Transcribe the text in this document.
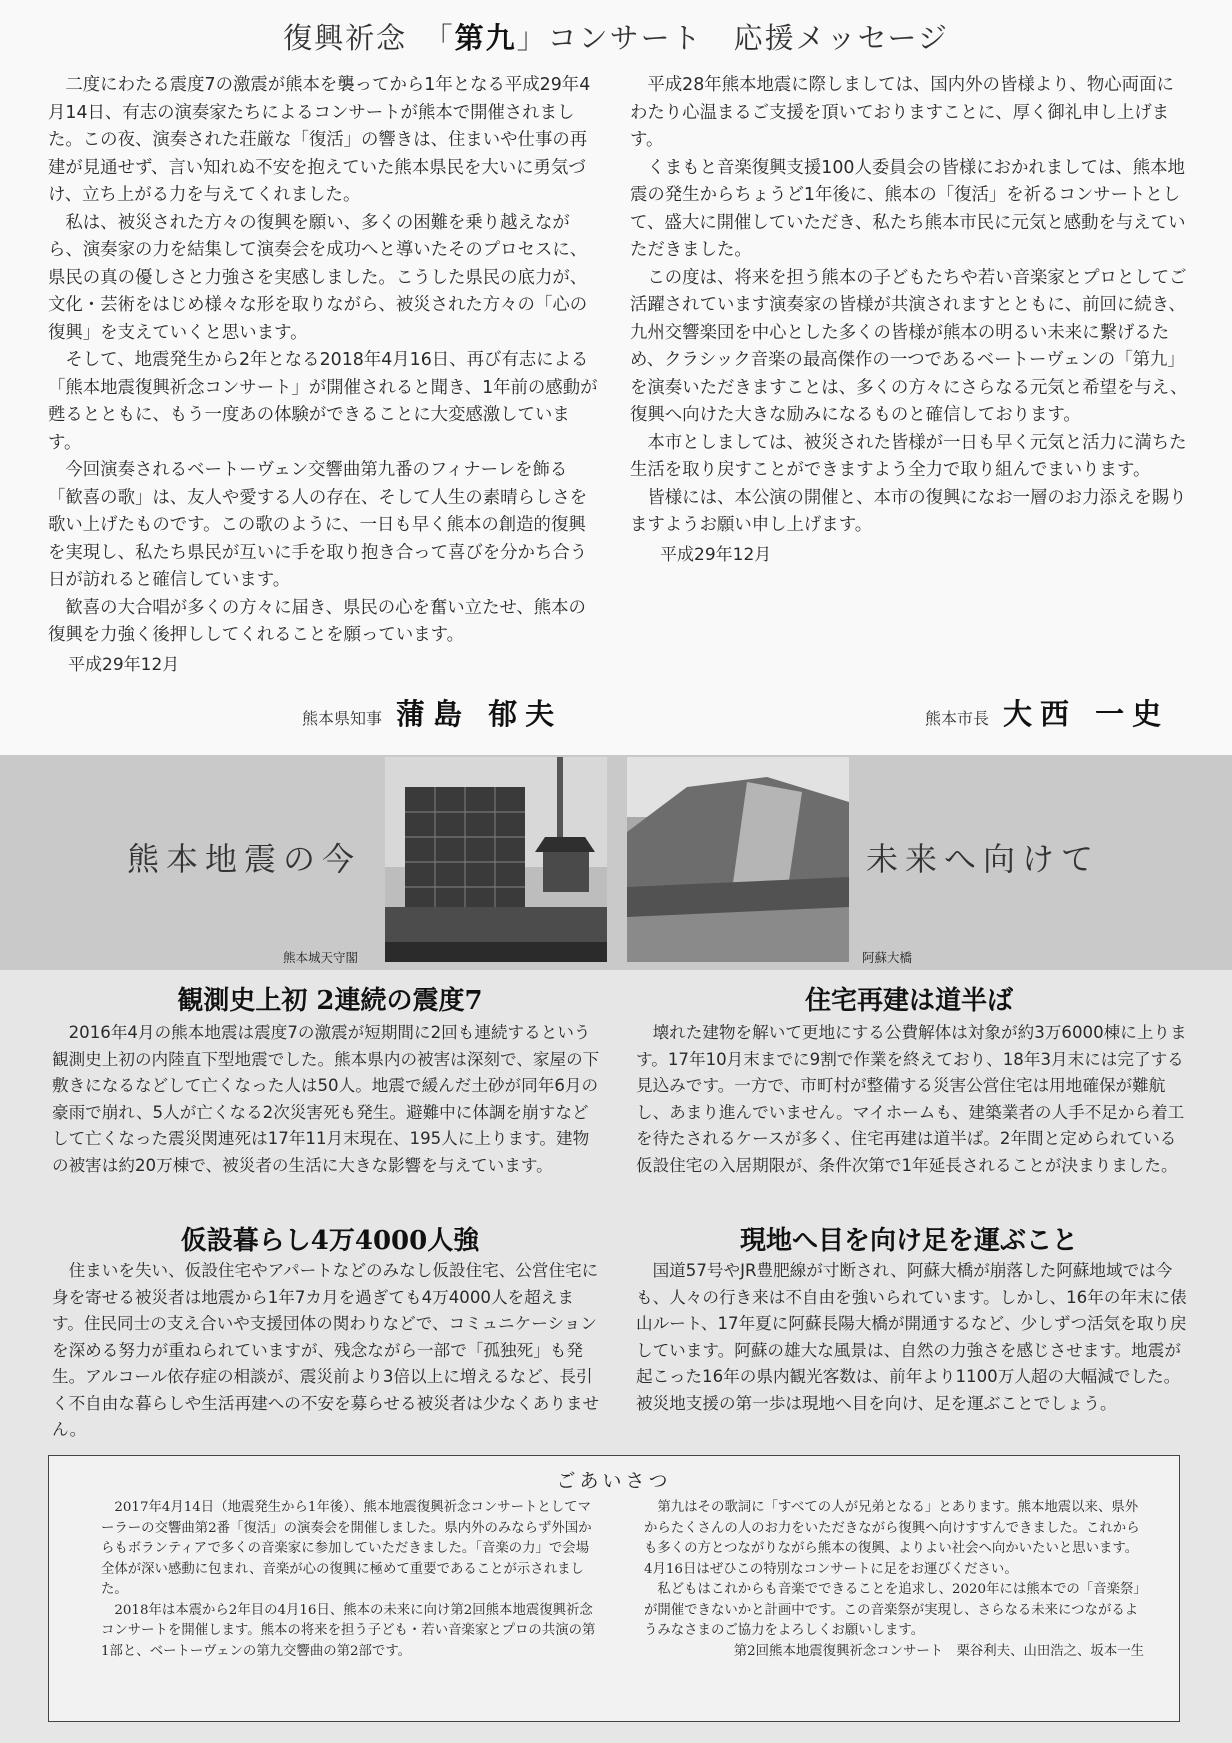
復興祈念　「第九」コンサート　応援メッセージ

二度にわたる震度7の激震が熊本を襲ってから1年となる平成29年4月14日、有志の演奏家たちによるコンサートが熊本で開催されました。この夜、演奏された荘厳な「復活」の響きは、住まいや仕事の再建が見通せず、言い知れぬ不安を抱えていた熊本県民を大いに勇気づけ、立ち上がる力を与えてくれました。

私は、被災された方々の復興を願い、多くの困難を乗り越えながら、演奏家の力を結集して演奏会を成功へと導いたそのプロセスに、県民の真の優しさと力強さを実感しました。こうした県民の底力が、文化・芸術をはじめ様々な形を取りながら、被災された方々の「心の復興」を支えていくと思います。

そして、地震発生から2年となる2018年4月16日、再び有志による「熊本地震復興祈念コンサート」が開催されると聞き、1年前の感動が甦るとともに、もう一度あの体験ができることに大変感激しています。

今回演奏されるベートーヴェン交響曲第九番のフィナーレを飾る「歓喜の歌」は、友人や愛する人の存在、そして人生の素晴らしさを歌い上げたものです。この歌のように、一日も早く熊本の創造的復興を実現し、私たち県民が互いに手を取り抱き合って喜びを分かち合う日が訪れると確信しています。

歓喜の大合唱が多くの方々に届き、県民の心を奮い立たせ、熊本の復興を力強く後押ししてくれることを願っています。

平成29年12月
熊本県知事 蒲島 郁夫

平成28年熊本地震に際しましては、国内外の皆様より、物心両面にわたり心温まるご支援を頂いておりますことに、厚く御礼申し上げます。

くまもと音楽復興支援100人委員会の皆様におかれましては、熊本地震の発生からちょうど1年後に、熊本の「復活」を祈るコンサートとして、盛大に開催していただき、私たち熊本市民に元気と感動を与えていただきました。

この度は、将来を担う熊本の子どもたちや若い音楽家とプロとしてご活躍されています演奏家の皆様が共演されますとともに、前回に続き、九州交響楽団を中心とした多くの皆様が熊本の明るい未来に繋げるため、クラシック音楽の最高傑作の一つであるベートーヴェンの「第九」を演奏いただきますことは、多くの方々にさらなる元気と希望を与え、復興へ向けた大きな励みになるものと確信しております。

本市としましては、被災された皆様が一日も早く元気と活力に満ちた生活を取り戻すことができますよう全力で取り組んでまいります。

皆様には、本公演の開催と、本市の復興になお一層のお力添えを賜りますようお願い申し上げます。

平成29年12月
熊本市長 大西 一史
熊本地震の今	未来へ向けて
熊本城天守閣	阿蘇大橋
観測史上初 2連続の震度7

2016年4月の熊本地震は震度7の激震が短期間に2回も連続するという観測史上初の内陸直下型地震でした。熊本県内の被害は深刻で、家屋の下敷きになるなどして亡くなった人は50人。地震で緩んだ土砂が同年6月の豪雨で崩れ、5人が亡くなる2次災害死も発生。避難中に体調を崩すなどして亡くなった震災関連死は17年11月末現在、195人に上ります。建物の被害は約20万棟で、被災者の生活に大きな影響を与えています。

住宅再建は道半ば

壊れた建物を解いて更地にする公費解体は対象が約3万6000棟に上ります。17年10月末までに9割で作業を終えており、18年3月末には完了する見込みです。一方で、市町村が整備する災害公営住宅は用地確保が難航し、あまり進んでいません。マイホームも、建築業者の人手不足から着工を待たされるケースが多く、住宅再建は道半ば。2年間と定められている仮設住宅の入居期限が、条件次第で1年延長されることが決まりました。

仮設暮らし4万4000人強

住まいを失い、仮設住宅やアパートなどのみなし仮設住宅、公営住宅に身を寄せる被災者は地震から1年7カ月を過ぎても4万4000人を超えます。住民同士の支え合いや支援団体の関わりなどで、コミュニケーションを深める努力が重ねられていますが、残念ながら一部で「孤独死」も発生。アルコール依存症の相談が、震災前より3倍以上に増えるなど、長引く不自由な暮らしや生活再建への不安を募らせる被災者は少なくありません。

現地へ目を向け足を運ぶこと

国道57号やJR豊肥線が寸断され、阿蘇大橋が崩落した阿蘇地域では今も、人々の行き来は不自由を強いられています。しかし、16年の年末に俵山ルート、17年夏に阿蘇長陽大橋が開通するなど、少しずつ活気を取り戻しています。阿蘇の雄大な風景は、自然の力強さを感じさせます。地震が起こった16年の県内観光客数は、前年より1100万人超の大幅減でした。被災地支援の第一歩は現地へ目を向け、足を運ぶことでしょう。

ごあいさつ

2017年4月14日（地震発生から1年後）、熊本地震復興祈念コンサートとしてマーラーの交響曲第2番「復活」の演奏会を開催しました。県内外のみならず外国からもボランティアで多くの音楽家に参加していただきました。「音楽の力」で会場全体が深い感動に包まれ、音楽が心の復興に極めて重要であることが示されました。

2018年は本震から2年目の4月16日、熊本の未来に向け第2回熊本地震復興祈念コンサートを開催します。熊本の将来を担う子ども・若い音楽家とプロの共演の第1部と、ベートーヴェンの第九交響曲の第2部です。

第九はその歌詞に「すべての人が兄弟となる」とあります。熊本地震以来、県外からたくさんの人のお力をいただきながら復興へ向けすすんできました。これからも多くの方とつながりながら熊本の復興、よりよい社会へ向かいたいと思います。4月16日はぜひこの特別なコンサートに足をお運びください。

私どもはこれからも音楽でできることを追求し、2020年には熊本での「音楽祭」が開催できないかと計画中です。この音楽祭が実現し、さらなる未来につながるようみなさまのご協力をよろしくお願いします。

第2回熊本地震復興祈念コンサート　栗谷利夫、山田浩之、坂本一生
